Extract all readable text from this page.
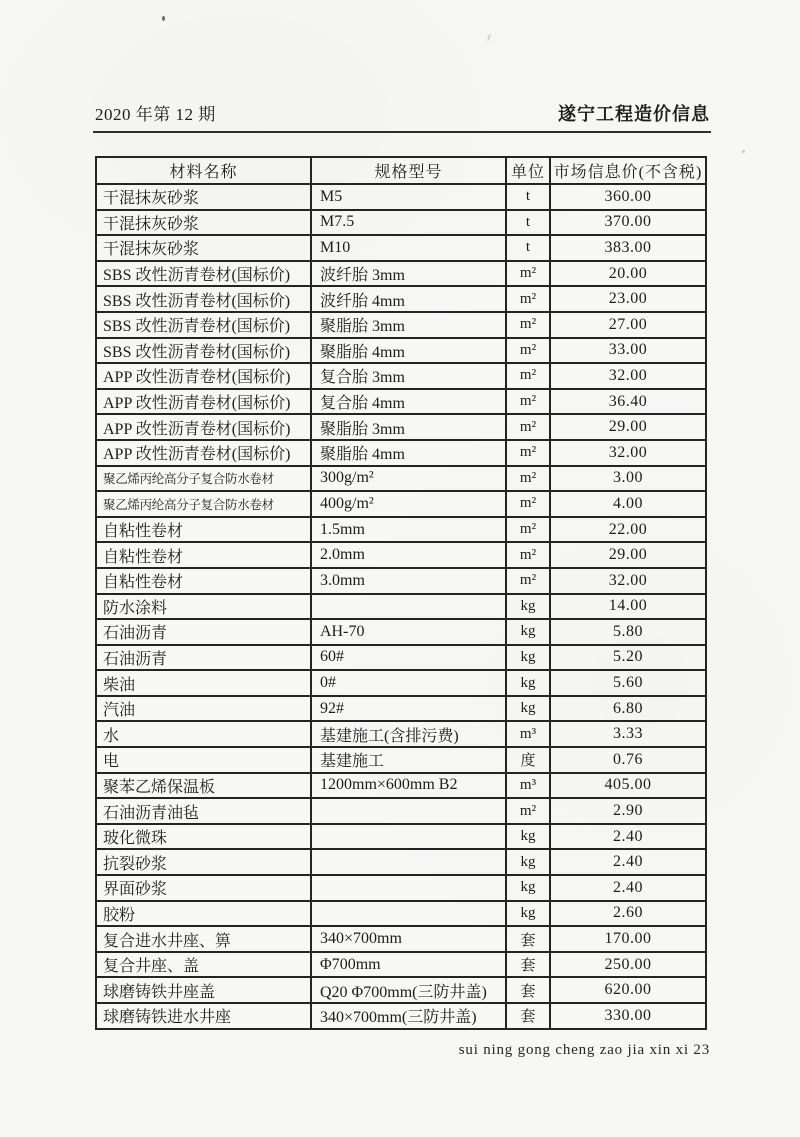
2020 年第 12 期	遂宁工程造价信息
材料名称	规格型号	单位	市场信息价(不含税)
干混抹灰砂浆	M5	t	360.00
干混抹灰砂浆	M7.5	t	370.00
干混抹灰砂浆	M10	t	383.00
SBS 改性沥青卷材(国标价)	波纤胎 3mm	m²	20.00
SBS 改性沥青卷材(国标价)	波纤胎 4mm	m²	23.00
SBS 改性沥青卷材(国标价)	聚脂胎 3mm	m²	27.00
SBS 改性沥青卷材(国标价)	聚脂胎 4mm	m²	33.00
APP 改性沥青卷材(国标价)	复合胎 3mm	m²	32.00
APP 改性沥青卷材(国标价)	复合胎 4mm	m²	36.40
APP 改性沥青卷材(国标价)	聚脂胎 3mm	m²	29.00
APP 改性沥青卷材(国标价)	聚脂胎 4mm	m²	32.00
聚乙烯丙纶高分子复合防水卷材	300g/m²	m²	3.00
聚乙烯丙纶高分子复合防水卷材	400g/m²	m²	4.00
自粘性卷材	1.5mm	m²	22.00
自粘性卷材	2.0mm	m²	29.00
自粘性卷材	3.0mm	m²	32.00
防水涂料		kg	14.00
石油沥青	AH-70	kg	5.80
石油沥青	60#	kg	5.20
柴油	0#	kg	5.60
汽油	92#	kg	6.80
水	基建施工(含排污费)	m³	3.33
电	基建施工	度	0.76
聚苯乙烯保温板	1200mm×600mm B2	m³	405.00
石油沥青油毡		m²	2.90
玻化微珠		kg	2.40
抗裂砂浆		kg	2.40
界面砂浆		kg	2.40
胶粉		kg	2.60
复合进水井座、箅	340×700mm	套	170.00
复合井座、盖	Φ700mm	套	250.00
球磨铸铁井座盖	Q20 Φ700mm(三防井盖)	套	620.00
球磨铸铁进水井座	340×700mm(三防井盖)	套	330.00
sui ning gong cheng zao jia xin xi 23
